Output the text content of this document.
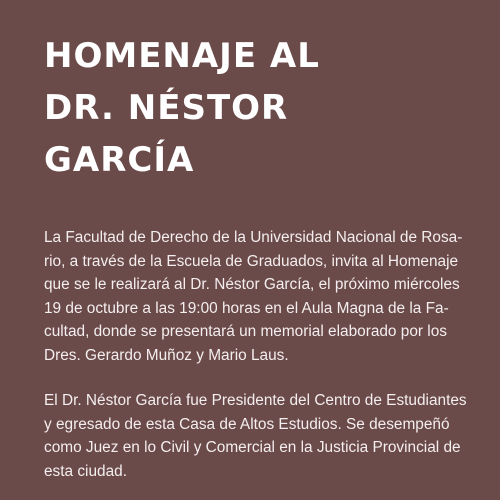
HOMENAJE AL
DR. NÉSTOR
GARCÍA

La Facultad de Derecho de la Universidad Nacional de Rosa-
rio, a través de la Escuela de Graduados, invita al Homenaje
que se le realizará al Dr. Néstor García, el próximo miércoles
19 de octubre a las 19:00 horas en el Aula Magna de la Fa-
cultad, donde se presentará un memorial elaborado por los
Dres. Gerardo Muñoz y Mario Laus.

El Dr. Néstor García fue Presidente del Centro de Estudiantes
y egresado de esta Casa de Altos Estudios. Se desempeñó
como Juez en lo Civil y Comercial en la Justicia Provincial de
esta ciudad.
